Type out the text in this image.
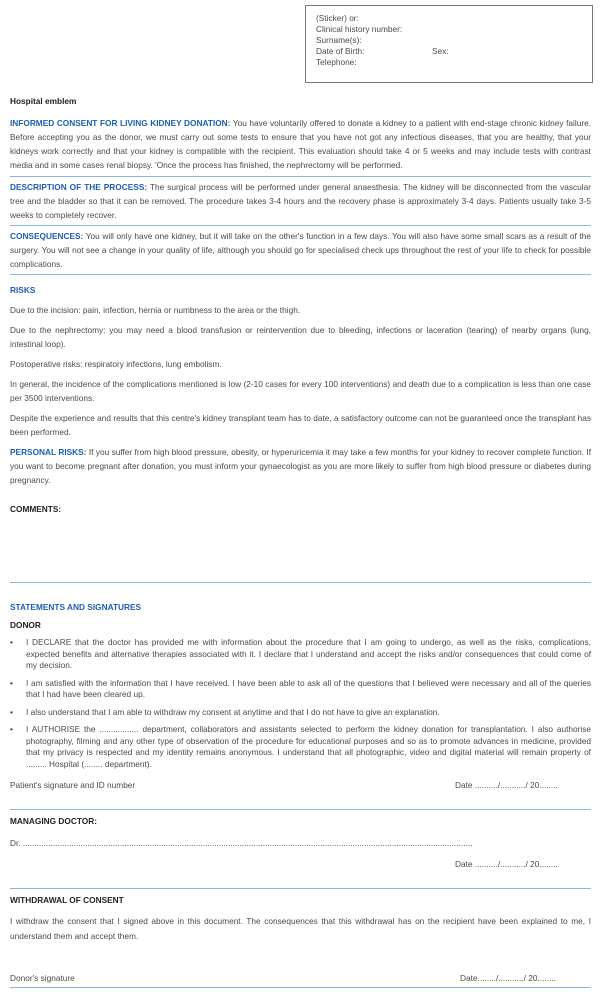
(Sticker) or:
Clinical history number:
Surname(s):
Date of Birth:	Sex:
Telephone:
Hospital emblem
INFORMED CONSENT FOR LIVING KIDNEY DONATION: You have voluntarily offered to donate a kidney to a patient with end-stage chronic kidney failure. Before accepting you as the donor, we must carry out some tests to ensure that you have not got any infectious diseases, that you are healthy, that your kidneys work correctly and that your kidney is compatible with the recipient. This evaluation should take 4 or 5 weeks and may include tests with contrast media and in some cases renal biopsy. 'Once the process has finished, the nephrectomy will be performed.
DESCRIPTION OF THE PROCESS: The surgical process will be performed under general anaesthesia. The kidney will be disconnected from the vascular tree and the bladder so that it can be removed. The procedure takes 3-4 hours and the recovery phase is approximately 3-4 days. Patients usually take 3-5 weeks to completely recover.
CONSEQUENCES: You will only have one kidney, but it will take on the other's function in a few days. You will also have some small scars as a result of the surgery. You will not see a change in your quality of life, although you should go for specialised check ups throughout the rest of your life to check for possible complications.
RISKS
Due to the incision: pain, infection, hernia or numbness to the area or the thigh.
Due to the nephrectomy: you may need a blood transfusion or reintervention due to bleeding, infections or laceration (tearing) of nearby organs (lung, intestinal loop).
Postoperative risks: respiratory infections, lung embolism.
In general, the incidence of the complications mentioned is low (2-10 cases for every 100 interventions) and death due to a complication is less than one case per 3500 interventions.
Despite the experience and results that this centre's kidney transplant team has to date, a satisfactory outcome can not be guaranteed once the transplant has been performed.
PERSONAL RISKS: If you suffer from high blood pressure, obesity, or hyperuricemia it may take a few months for your kidney to recover complete function. If you want to become pregnant after donation, you must inform your gynaecologist as you are more likely to suffer from high blood pressure or diabetes during pregnancy.
COMMENTS:
STATEMENTS AND SIGNATURES
DONOR
• I DECLARE that the doctor has provided me with information about the procedure that I am going to undergo, as well as the risks, complications, expected benefits and alternative therapies associated with it. I declare that I understand and accept the risks and/or consequences that could come of my decision.
• I am satisfied with the information that I have received. I have been able to ask all of the questions that I believed were necessary and all of the queries that I had have been cleared up.
• I also understand that I am able to withdraw my consent at anytime and that I do not have to give an explanation.
• I AUTHORISE the ................. department, collaborators and assistants selected to perform the kidney donation for transplantation. I also authorise photography, filming and any other type of observation of the procedure for educational purposes and so as to promote advances in medicine, provided that my privacy is respected and my identity remains anonymous. I understand that all photographic, video and digital material will remain property of ......... Hospital (........ department).
Patient's signature and ID number	Date ........../.........../ 20........
MANAGING DOCTOR:
Dr. ...................................................................................................................................................................................................
Date ........../.........../ 20........
WITHDRAWAL OF CONSENT
I withdraw the consent that I signed above in this document. The consequences that this withdrawal has on the recipient have been explained to me, I understand them and accept them.
Donor's signature	Date......../.........../ 20........
